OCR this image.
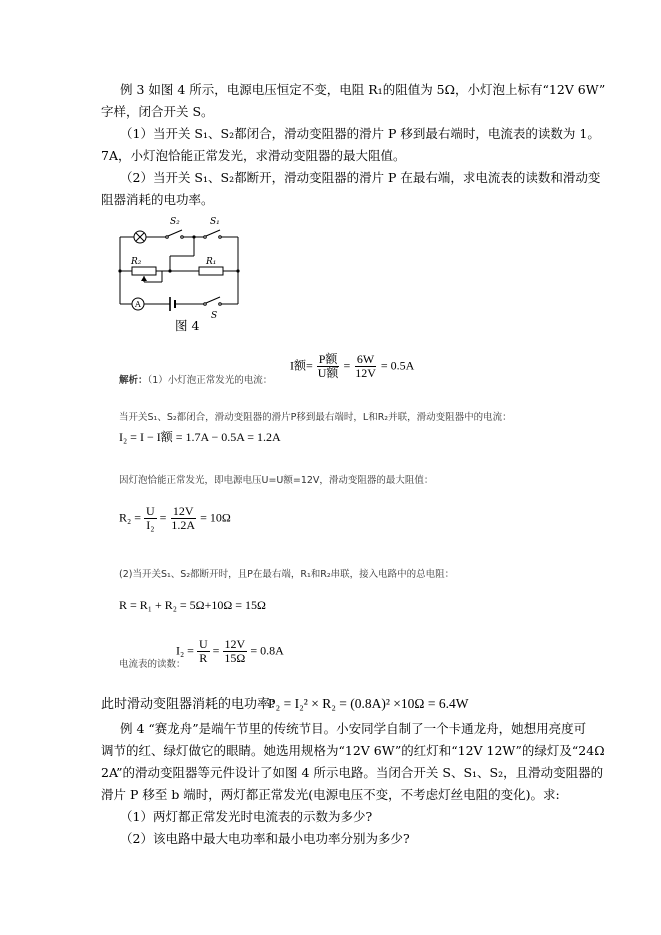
例 3 如图 4 所示，电源电压恒定不变，电阻 R₁的阻值为 5Ω，小灯泡上标有“12V 6W”
字样，闭合开关 S。
（1）当开关 S₁、S₂都闭合，滑动变阻器的滑片 P 移到最右端时，电流表的读数为 1。
7A，小灯泡恰能正常发光，求滑动变阻器的最大阻值。
（2）当开关 S₁、S₂都断开，滑动变阻器的滑片 P 在最右端，求电流表的读数和滑动变
阻器消耗的电功率。
S₂	S₁
R₂	R₁
A
S
图 4
解析：（1）小灯泡正常发光的电流：
I额= $\frac{\text{P额}}{\text{U额}} = \frac{6W}{12V} = 0.5A$
当开关S₁、S₂都闭合，滑动变阻器的滑片P移到最右端时，L和R₂并联，滑动变阻器中的电流：
I₂ = I − I额 = 1.7A − 0.5A = 1.2A
因灯泡恰能正常发光，即电源电压U=U额=12V，滑动变阻器的最大阻值：
$R_2 = \frac{U}{\text{I₂}} = \frac{12V}{1.2A} = 10\Omega$
(2)当开关S₁、S₂都断开时，且P在最右端，R₁和R₂串联，接入电路中的总电阻：
R = R₁ + R₂ = 5Ω+10Ω = 15Ω
$I_2 = \frac{U}{R} = \frac{12V}{15\Omega} = 0.8A$
电流表的读数：
此时滑动变阻器消耗的电功率：
P₂ = I₂² × R₂ = (0.8A)² ×10Ω = 6.4W
例 4 “赛龙舟”是端午节里的传统节目。小安同学自制了一个卡通龙舟，她想用亮度可
调节的红、绿灯做它的眼睛。她选用规格为“12V 6W”的红灯和“12V 12W”的绿灯及“24Ω
2A”的滑动变阻器等元件设计了如图 4 所示电路。当闭合开关 S、S₁、S₂，且滑动变阻器的
滑片 P 移至 b 端时，两灯都正常发光(电源电压不变，不考虑灯丝电阻的变化)。求:
（1）两灯都正常发光时电流表的示数为多少?
（2）该电路中最大电功率和最小电功率分别为多少?
